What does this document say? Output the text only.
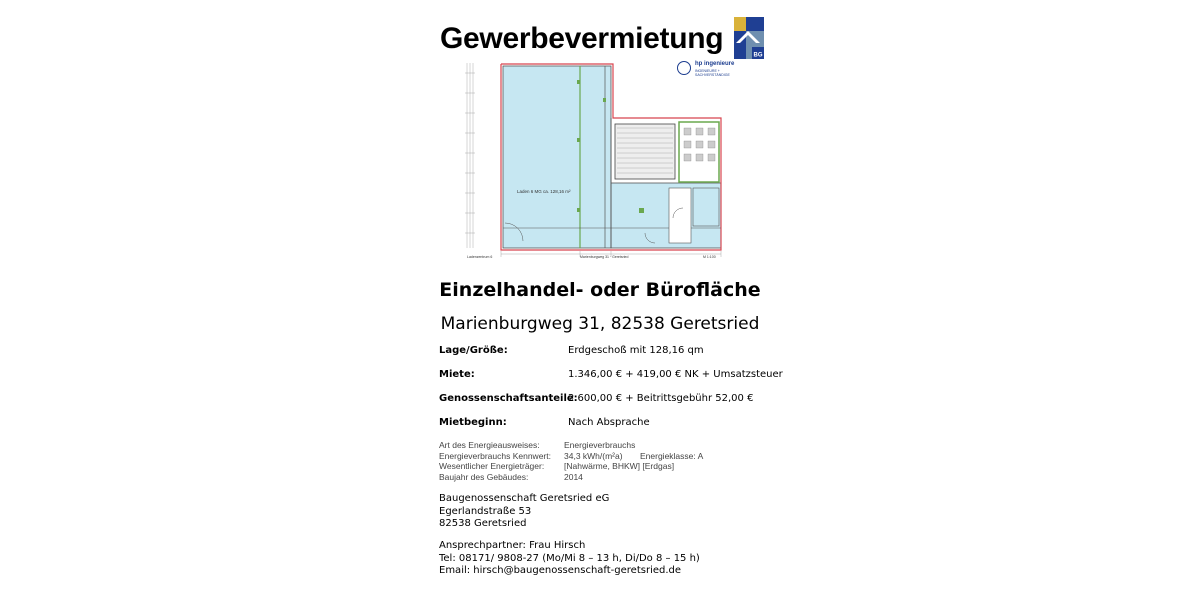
Gewerbevermietung
BG
hp ingenieure
INGENIEURE + SACHVERSTÄNDIGE
Laden 6 MG ca. 128,16 m²
Ladenzentrum 6	Marienburgweg 31 · Geretsried	M 1:100
Einzelhandel- oder Bürofläche
Marienburgweg 31, 82538 Geretsried
Lage/Größe:	Erdgeschoß mit 128,16 qm
Miete:	1.346,00 € + 419,00 € NK + Umsatzsteuer
Genossenschaftsanteile:
2.600,00 € + Beitrittsgebühr 52,00 €
Mietbeginn:	Nach Absprache
Art des Energieausweises:	Energieverbrauchs
Energieverbrauchs Kennwert: 34,3 kWh/(m²a) Energieklasse: A
Wesentlicher Energieträger: [Nahwärme, BHKW] [Erdgas]
Baujahr des Gebäudes:	2014
Baugenossenschaft Geretsried eG
Egerlandstraße 53
82538 Geretsried
Ansprechpartner: Frau Hirsch
Tel: 08171/ 9808-27 (Mo/Mi 8 – 13 h, Di/Do 8 – 15 h)
Email: hirsch@baugenossenschaft-geretsried.de
